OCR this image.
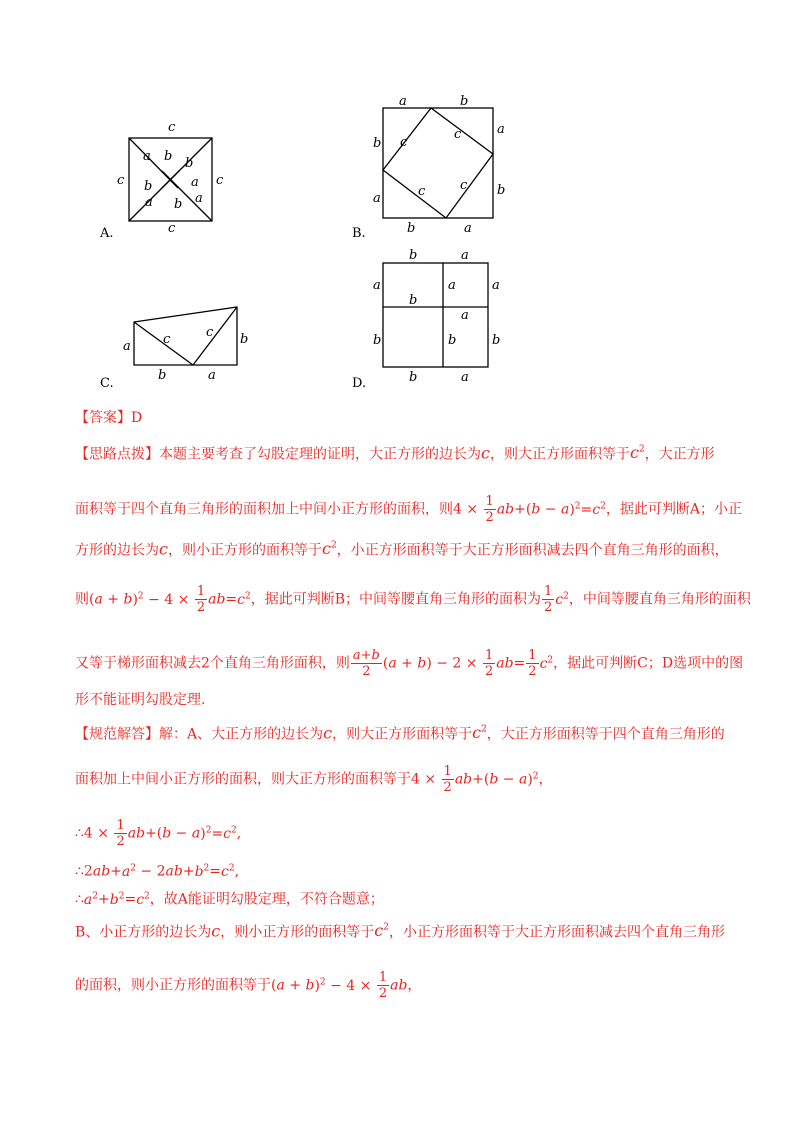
c
c
c	c
a b b
a
b
a b a
A.
a	b
b
a
a
b
b	a
c
c
c	c
B.
a	b
b	a
c	c
C.
b	a
a
b
a
b
a
a
b
b
b	a
D.
【答案】D
【思路点拨】本题主要考查了勾股定理的证明，大正方形的边长为c，则大正方形面积等于$c^2$，大正方形
面积等于四个直角三角形的面积加上中间小正方形的面积，则$4 \times \frac{1}{2} ab+(b - a)^2=c^2$，据此可判断A；小正
方形的边长为c，则小正方形的面积等于$c^2$，小正方形面积等于大正方形面积减去四个直角三角形的面积，
则$(a + b)^2 - 4 \times \frac{1}{2} ab=c^2$，据此可判断B；中间等腰直角三角形的面积为 $\frac{1}{2} c^2$，中间等腰直角三角形的面积
又等于梯形面积减去2个直角三角形面积，则 $\frac{a+b}{2} (a + b) - 2 \times \frac{1}{2} ab= \frac{1}{2} c^2$，据此可判断C；D选项中的图
形不能证明勾股定理.
【规范解答】解：A、大正方形的边长为c，则大正方形面积等于$c^2$，大正方形面积等于四个直角三角形的
面积加上中间小正方形的面积，则大正方形的面积等于$4 \times \frac{1}{2} ab+(b - a)^2$，
∴4 × $\frac{1}{2} ab+(b - a)^2=c^2$,
$\therefore 2ab+a^2 - 2ab+b^2=c^2$,
$\therefore a^2+b^2=c^2$，故A能证明勾股定理，不符合题意；
B、小正方形的边长为c，则小正方形的面积等于$c^2$，小正方形面积等于大正方形面积减去四个直角三角形
的面积，则小正方形的面积等于$(a + b)^2 - 4 \times \frac{1}{2}$ ab，
